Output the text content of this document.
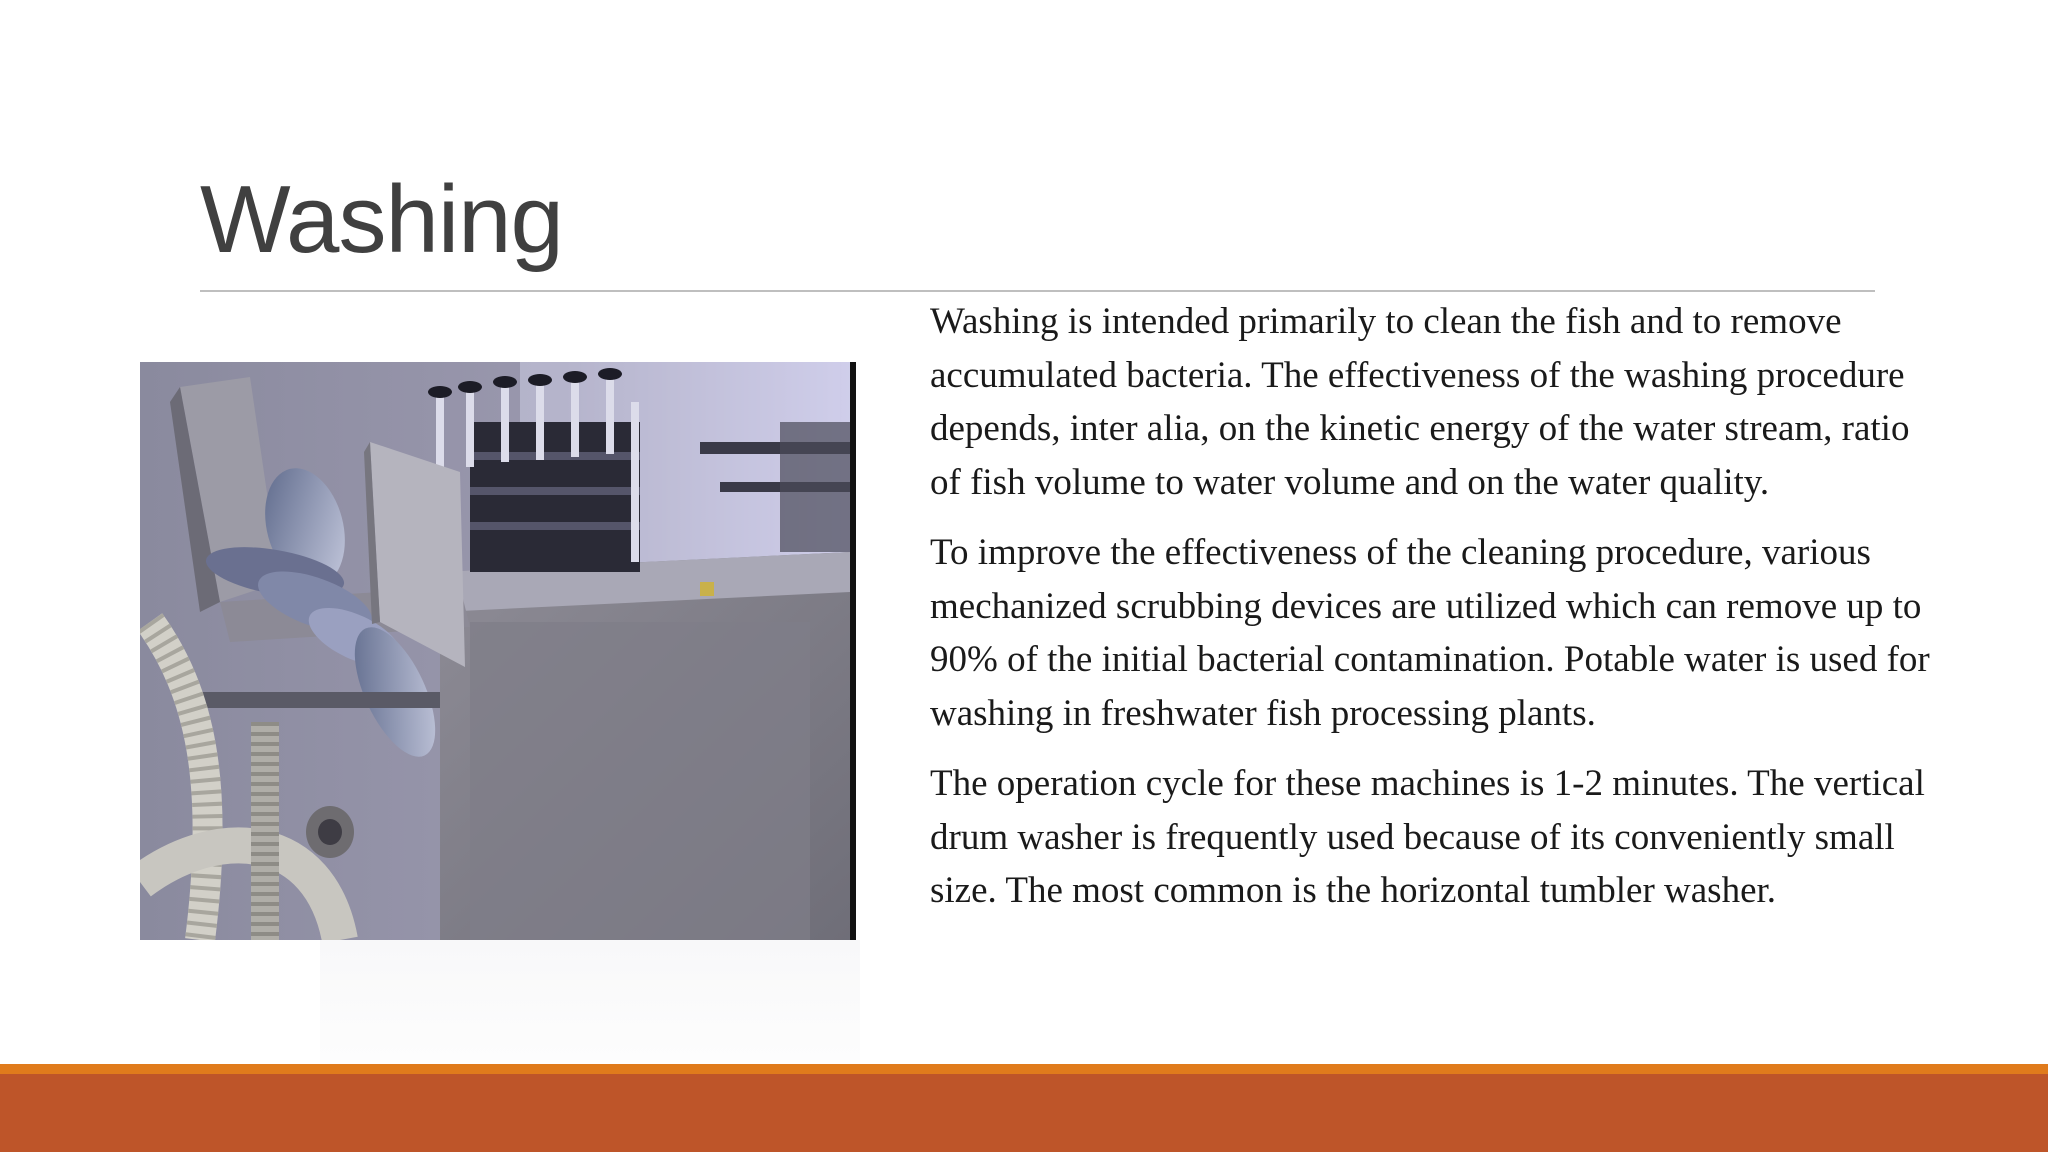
Washing

Washing is intended primarily to clean the fish and to remove accumulated bacteria. The effectiveness of the washing procedure depends, inter alia, on the kinetic energy of the water stream, ratio of fish volume to water volume and on the water quality.

To improve the effectiveness of the cleaning procedure, various mechanized scrubbing devices are utilized which can remove up to 90% of the initial bacterial contamination. Potable water is used for washing in freshwater fish processing plants.

The operation cycle for these machines is 1-2 minutes. The vertical drum washer is frequently used because of its conveniently small size. The most common is the horizontal tumbler washer.
